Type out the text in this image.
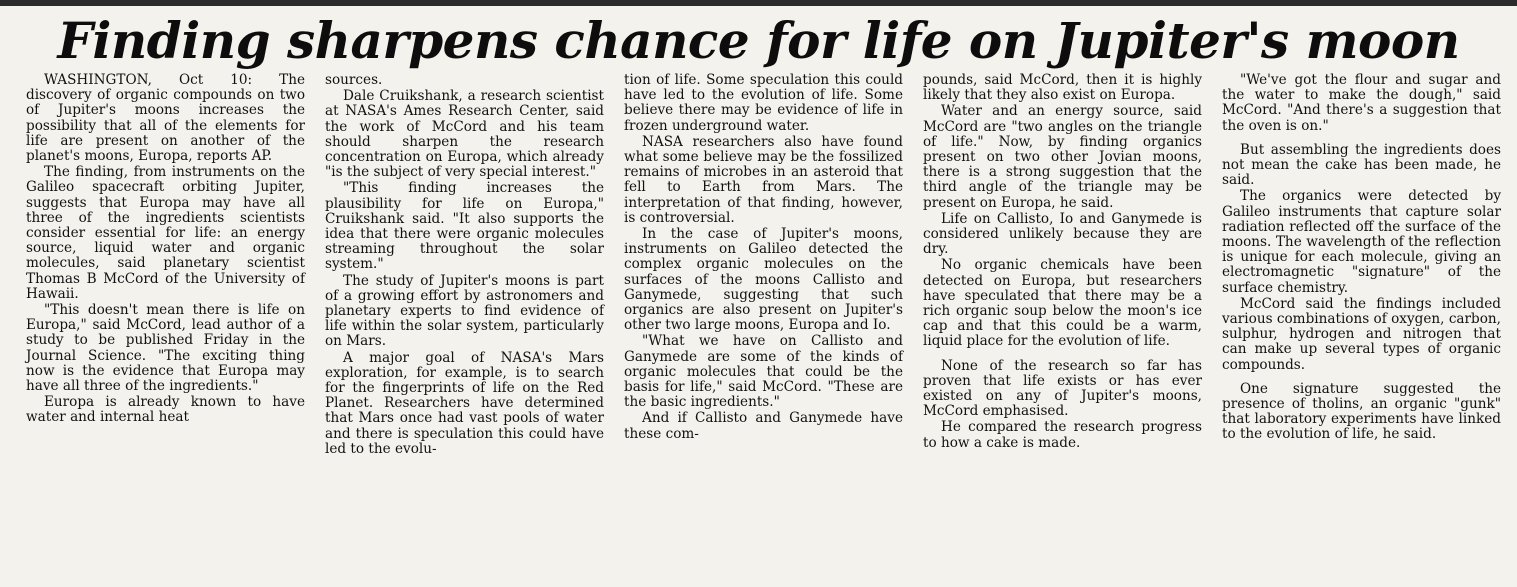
Finding sharpens chance for life on Jupiter's moon

WASHINGTON, Oct 10: The discovery of organic compounds on two of Jupiter's moons increases the possibility that all of the elements for life are present on another of the planet's moons, Europa, reports AP.

The finding, from instruments on the Galileo spacecraft orbiting Jupiter, suggests that Europa may have all three of the ingredients scientists consider essential for life: an energy source, liquid water and organic molecules, said planetary scientist Thomas B McCord of the University of Hawaii.

"This doesn't mean there is life on Europa," said McCord, lead author of a study to be published Friday in the Journal Science. "The exciting thing now is the evidence that Europa may have all three of the ingredients."

Europa is already known to have water and internal heat

sources.

Dale Cruikshank, a research scientist at NASA's Ames Research Center, said the work of McCord and his team should sharpen the research concentration on Europa, which already "is the subject of very special interest."

"This finding increases the plausibility for life on Europa," Cruikshank said. "It also supports the idea that there were organic molecules streaming throughout the solar system."

The study of Jupiter's moons is part of a growing effort by astronomers and planetary experts to find evidence of life within the solar system, particularly on Mars.

A major goal of NASA's Mars exploration, for example, is to search for the fingerprints of life on the Red Planet. Researchers have determined that Mars once had vast pools of water and there is speculation this could have led to the evolu-

tion of life. Some speculation this could have led to the evolution of life. Some believe there may be evidence of life in frozen underground water.

NASA researchers also have found what some believe may be the fossilized remains of microbes in an asteroid that fell to Earth from Mars. The interpretation of that finding, however, is controversial.

In the case of Jupiter's moons, instruments on Galileo detected the complex organic molecules on the surfaces of the moons Callisto and Ganymede, suggesting that such organics are also present on Jupiter's other two large moons, Europa and Io.

"What we have on Callisto and Ganymede are some of the kinds of organic molecules that could be the basis for life," said McCord. "These are the basic ingredients."

And if Callisto and Ganymede have these com-

pounds, said McCord, then it is highly likely that they also exist on Europa.

Water and an energy source, said McCord are "two angles on the triangle of life." Now, by finding organics present on two other Jovian moons, there is a strong suggestion that the third angle of the triangle may be present on Europa, he said.

Life on Callisto, Io and Ganymede is considered unlikely because they are dry.

No organic chemicals have been detected on Europa, but researchers have speculated that there may be a rich organic soup below the moon's ice cap and that this could be a warm, liquid place for the evolution of life.

None of the research so far has proven that life exists or has ever existed on any of Jupiter's moons, McCord emphasised.

He compared the research progress to how a cake is made.

"We've got the flour and sugar and the water to make the dough," said McCord. "And there's a suggestion that the oven is on."

But assembling the ingredients does not mean the cake has been made, he said.

The organics were detected by Galileo instruments that capture solar radiation reflected off the surface of the moons. The wavelength of the reflection is unique for each molecule, giving an electromagnetic "signature" of the surface chemistry.

McCord said the findings included various combinations of oxygen, carbon, sulphur, hydrogen and nitrogen that can make up several types of organic compounds.

One signature suggested the presence of tholins, an organic "gunk" that laboratory experiments have linked to the evolution of life, he said.
